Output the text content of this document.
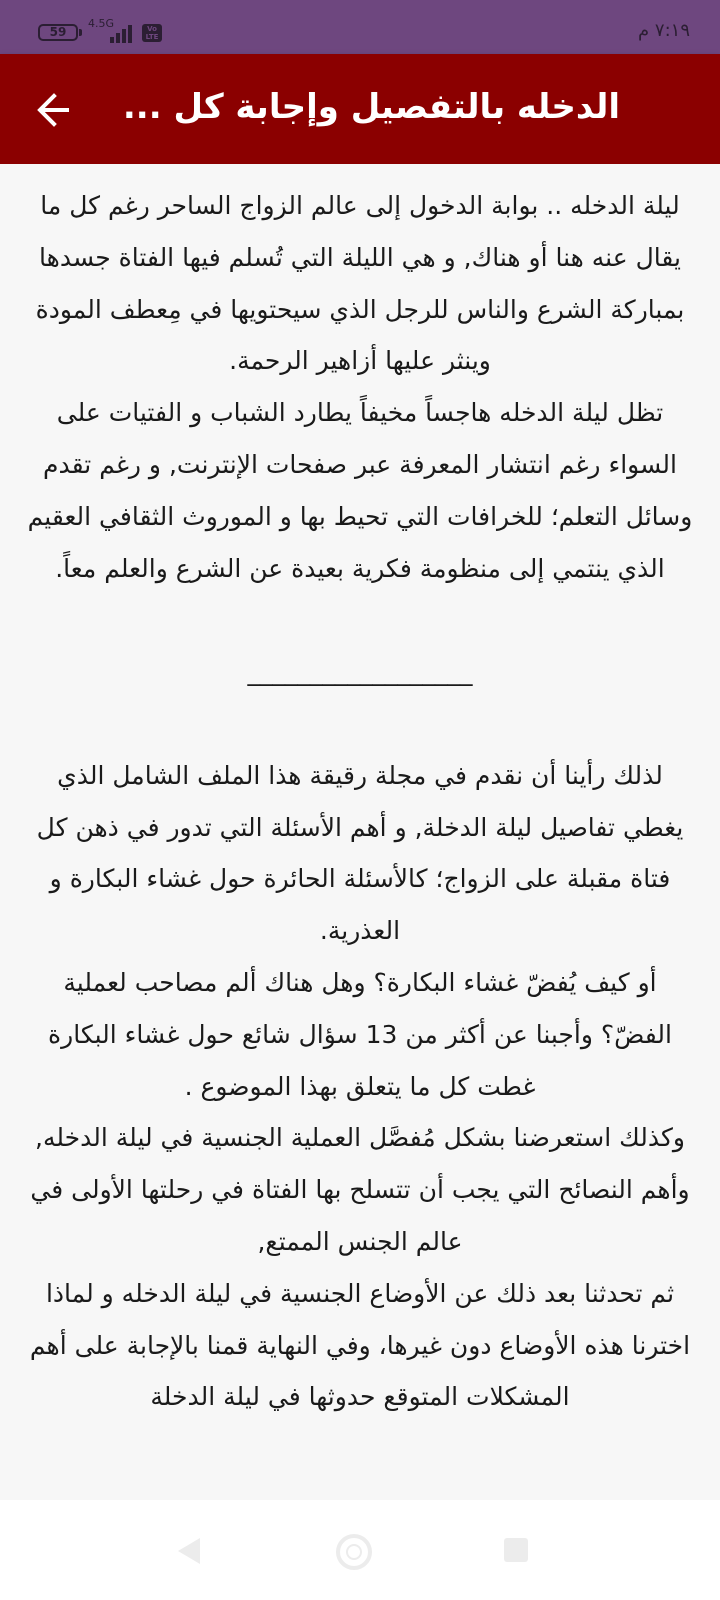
59
4.5G	Vo LTE	٧:١٩ م
الدخله بالتفصيل وإجابة كل ...

ليلة الدخله .. بوابة الدخول إلى عالم الزواج الساحر رغم كل ما يقال عنه هنا أو هناك, و هي الليلة التي تُسلم فيها الفتاة جسدها بمباركة الشرع والناس للرجل الذي سيحتويها في مِعطف المودة وينثر عليها أزاهير الرحمة.

تظل ليلة الدخله هاجساً مخيفاً يطارد الشباب و الفتيات على السواء رغم انتشار المعرفة عبر صفحات الإنترنت, و رغم تقدم وسائل التعلم؛ للخرافات التي تحيط بها و الموروث الثقافي العقيم الذي ينتمي إلى منظومة فكرية بعيدة عن الشرع والعلم معاً.

__________________

لذلك رأينا أن نقدم في مجلة رقيقة هذا الملف الشامل الذي يغطي تفاصيل ليلة الدخلة, و أهم الأسئلة التي تدور في ذهن كل فتاة مقبلة على الزواج؛ كالأسئلة الحائرة حول غشاء البكارة و العذرية.

أو كيف يُفضّ غشاء البكارة؟ وهل هناك ألم مصاحب لعملية الفضّ؟ وأجبنا عن أكثر من 13 سؤال شائع حول غشاء البكارة غطت كل ما يتعلق بهذا الموضوع .

وكذلك استعرضنا بشكل مُفصَّل العملية الجنسية في ليلة الدخله, وأهم النصائح التي يجب أن تتسلح بها الفتاة في رحلتها الأولى في عالم الجنس الممتع,

ثم تحدثنا بعد ذلك عن الأوضاع الجنسية في ليلة الدخله و لماذا اخترنا هذه الأوضاع دون غيرها، وفي النهاية قمنا بالإجابة على أهم المشكلات المتوقع حدوثها في ليلة الدخلة
